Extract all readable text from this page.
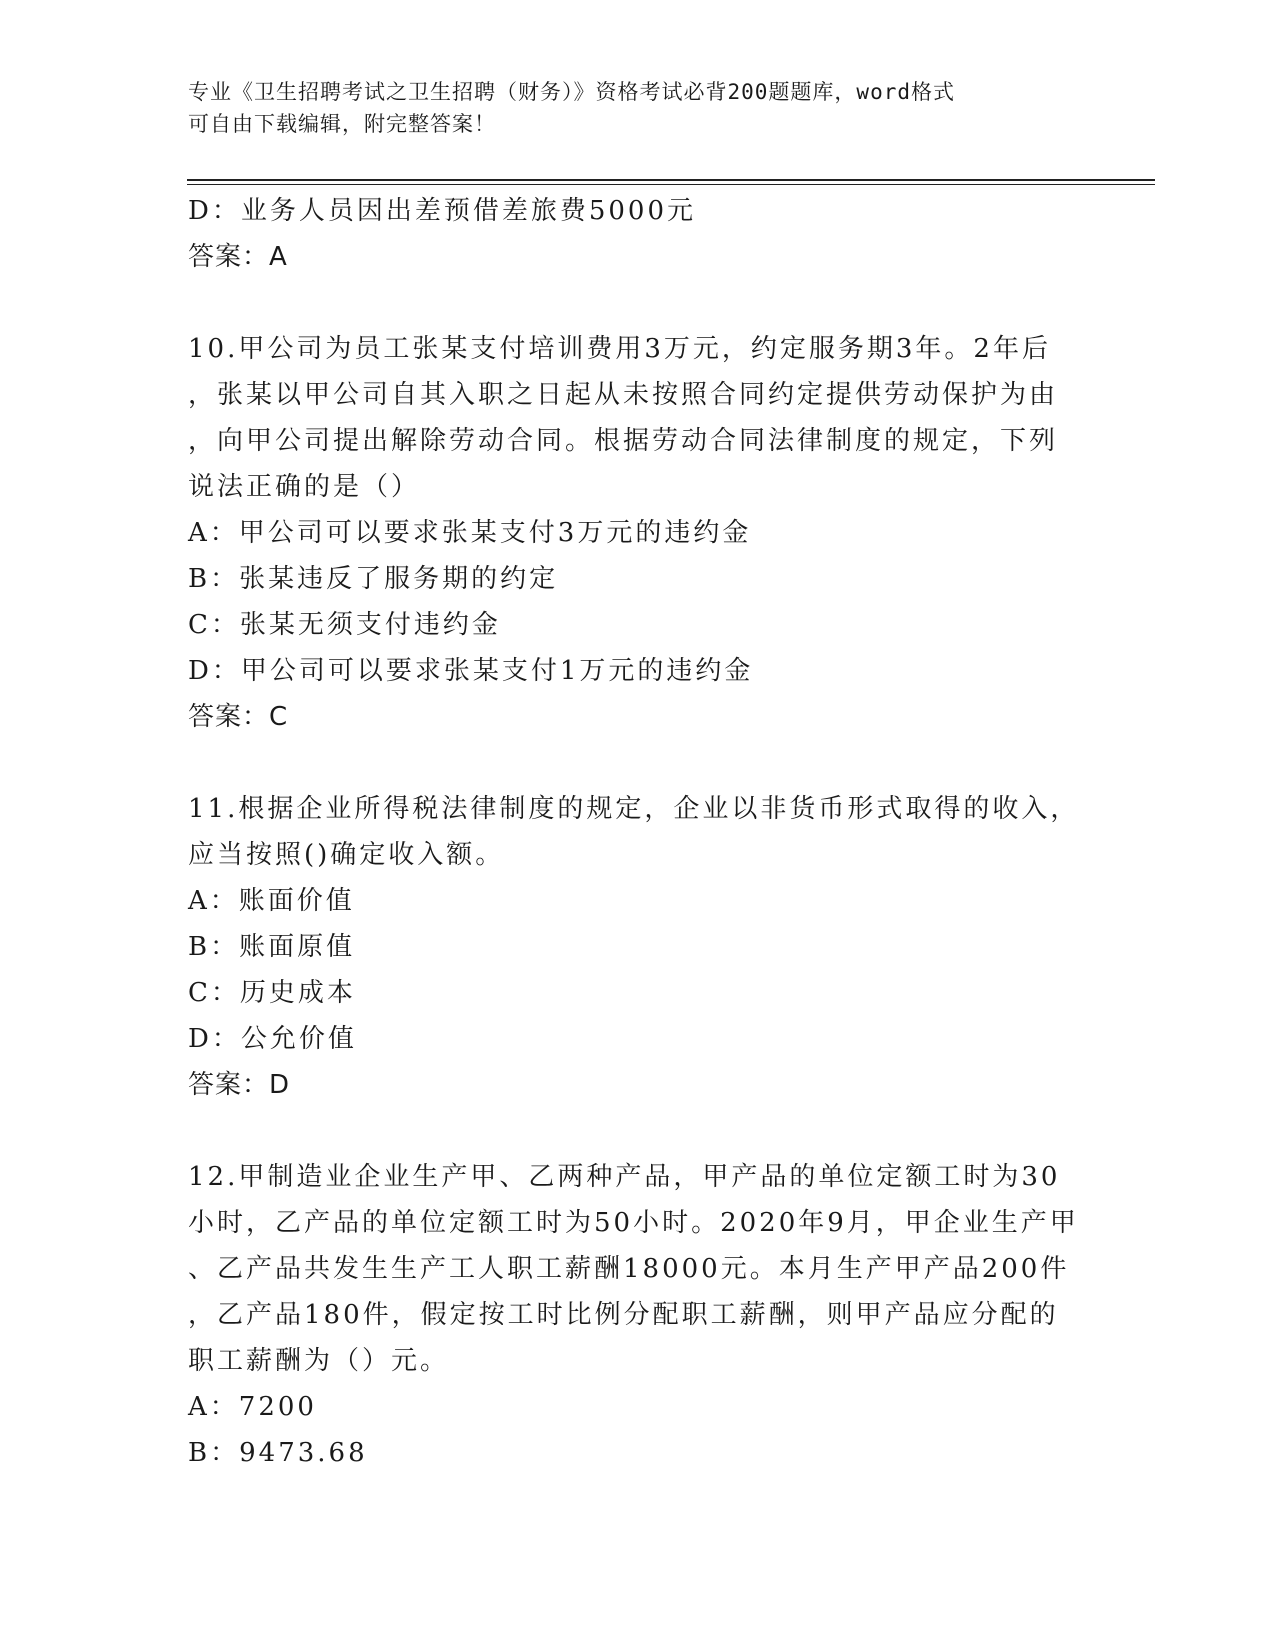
专业《卫生招聘考试之卫生招聘（财务）》资格考试必背200题题库，word格式
可自由下载编辑，附完整答案！
D：业务人员因出差预借差旅费5000元
答案：A
10.甲公司为员工张某支付培训费用3万元，约定服务期3年。2年后
，张某以甲公司自其入职之日起从未按照合同约定提供劳动保护为由
，向甲公司提出解除劳动合同。根据劳动合同法律制度的规定，下列
说法正确的是（）
A：甲公司可以要求张某支付3万元的违约金
B：张某违反了服务期的约定
C：张某无须支付违约金
D：甲公司可以要求张某支付1万元的违约金
答案：C
11.根据企业所得税法律制度的规定，企业以非货币形式取得的收入，
应当按照()确定收入额。
A：账面价值
B：账面原值
C：历史成本
D：公允价值
答案：D
12.甲制造业企业生产甲、乙两种产品，甲产品的单位定额工时为30
小时，乙产品的单位定额工时为50小时。2020年9月，甲企业生产甲
、乙产品共发生生产工人职工薪酬18000元。本月生产甲产品200件
，乙产品180件，假定按工时比例分配职工薪酬，则甲产品应分配的
职工薪酬为（）元。
A：7200
B：9473.68
